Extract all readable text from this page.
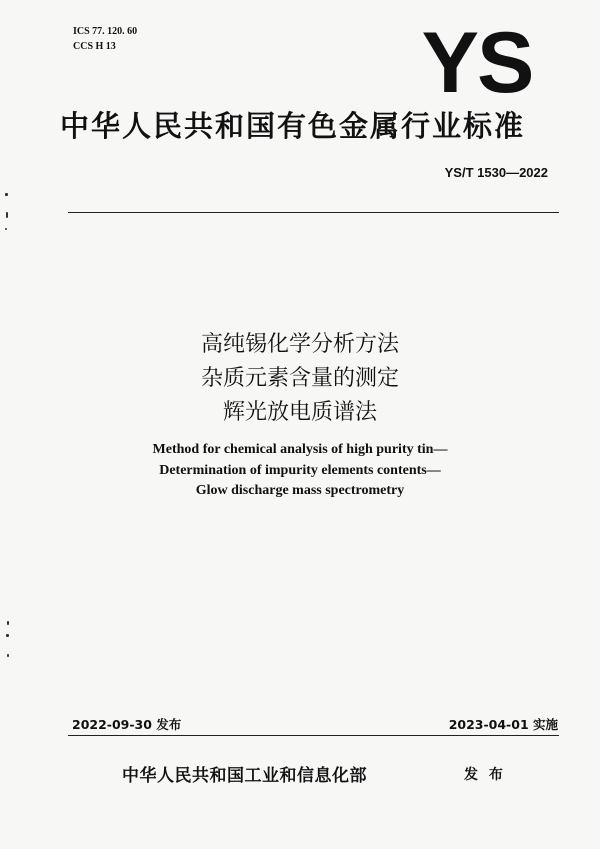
ICS 77. 120. 60
CCS H 13	YS
中华人民共和国有色金属行业标准
YS/T 1530—2022
高纯锡化学分析方法
杂质元素含量的测定
辉光放电质谱法
Method for chemical analysis of high purity tin—
Determination of impurity elements contents—
Glow discharge mass spectrometry
2022-09-30 发布	2023-04-01 实施
中华人民共和国工业和信息化部	发 布
